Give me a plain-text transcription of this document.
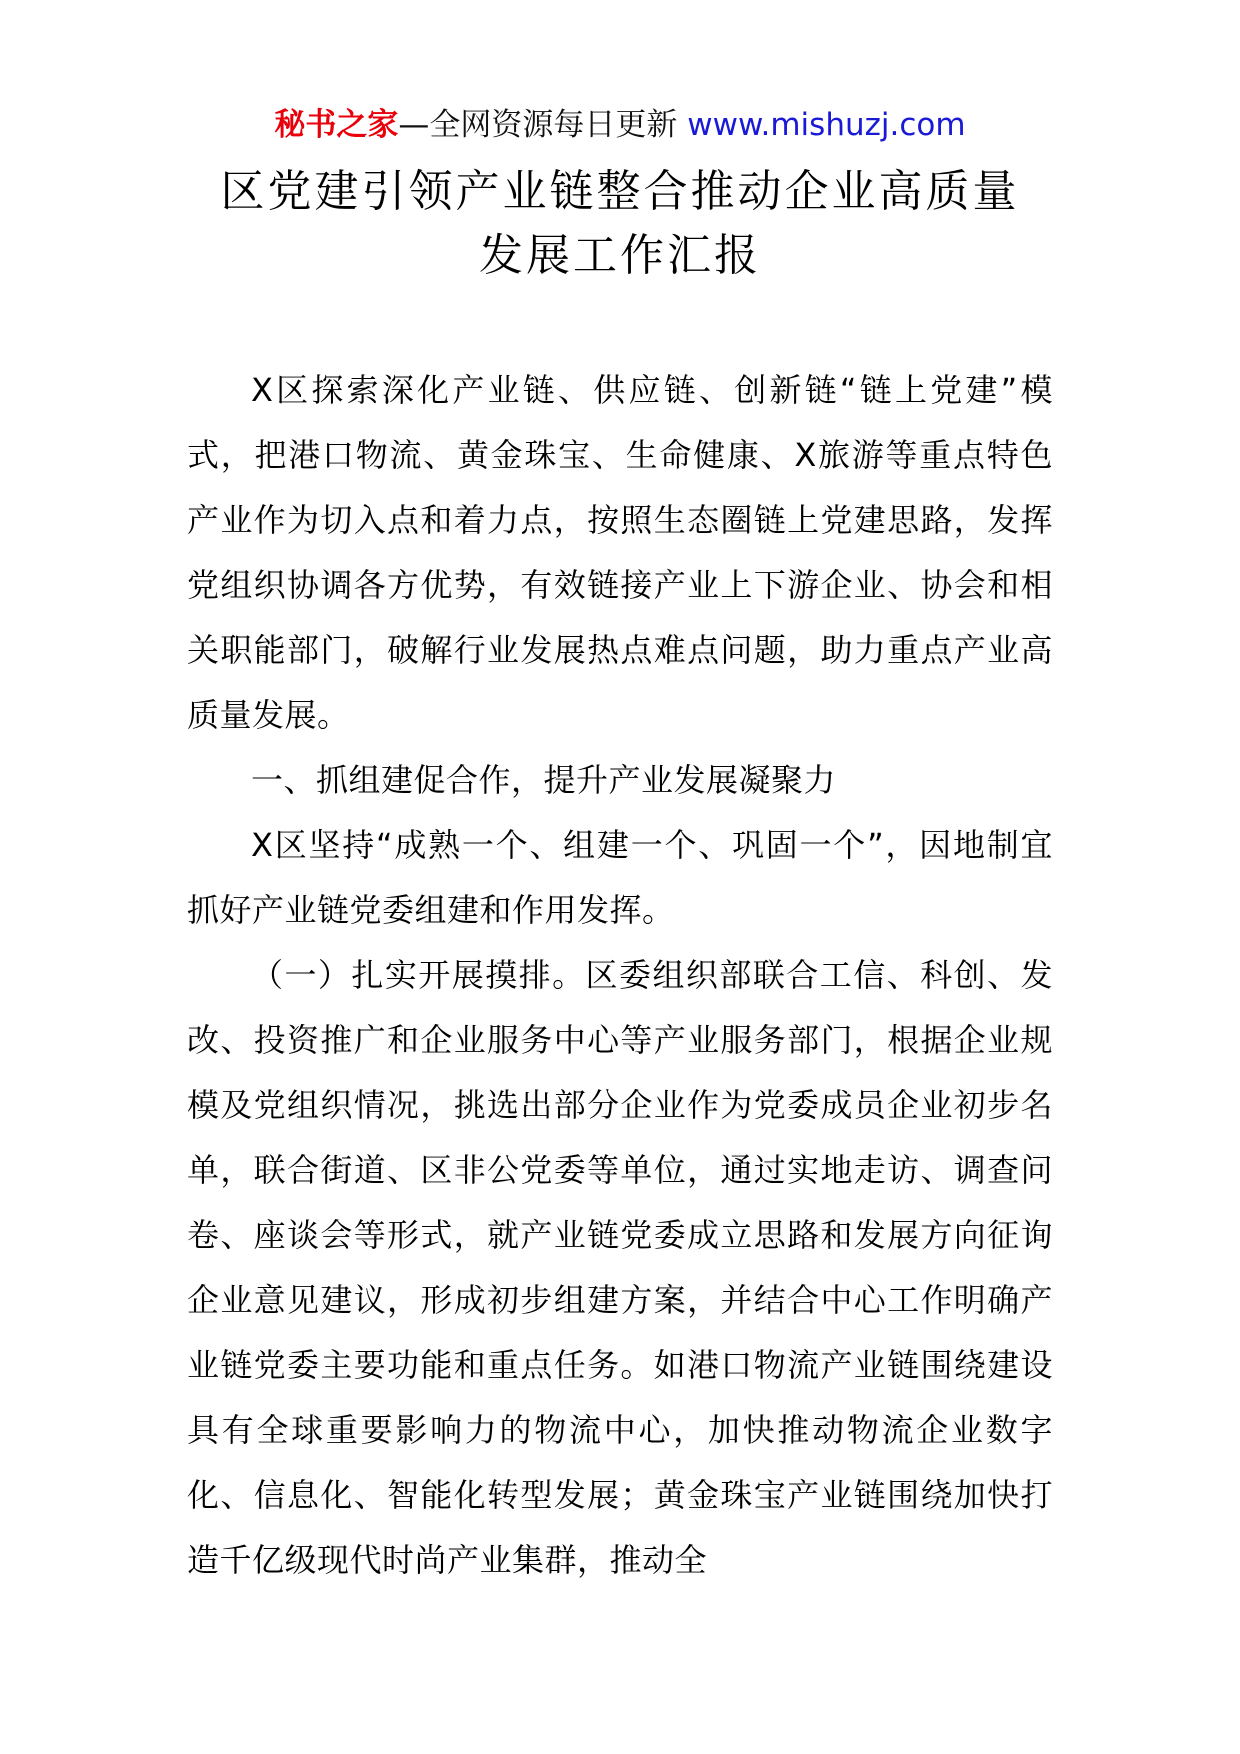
秘书之家—全网资源每日更新 www.mishuzj.com
区党建引领产业链整合推动企业高质量
发展工作汇报

X区探索深化产业链、供应链、创新链“链上党建”模式，把港口物流、黄金珠宝、生命健康、X旅游等重点特色产业作为切入点和着力点，按照生态圈链上党建思路，发挥党组织协调各方优势，有效链接产业上下游企业、协会和相关职能部门，破解行业发展热点难点问题，助力重点产业高质量发展。

一、抓组建促合作，提升产业发展凝聚力

X区坚持“成熟一个、组建一个、巩固一个”，因地制宜抓好产业链党委组建和作用发挥。

（一）扎实开展摸排。区委组织部联合工信、科创、发改、投资推广和企业服务中心等产业服务部门，根据企业规模及党组织情况，挑选出部分企业作为党委成员企业初步名单，联合街道、区非公党委等单位，通过实地走访、调查问卷、座谈会等形式，就产业链党委成立思路和发展方向征询企业意见建议，形成初步组建方案，并结合中心工作明确产业链党委主要功能和重点任务。如港口物流产业链围绕建设具有全球重要影响力的物流中心，加快推动物流企业数字化、信息化、智能化转型发展；黄金珠宝产业链围绕加快打造千亿级现代时尚产业集群，推动全
